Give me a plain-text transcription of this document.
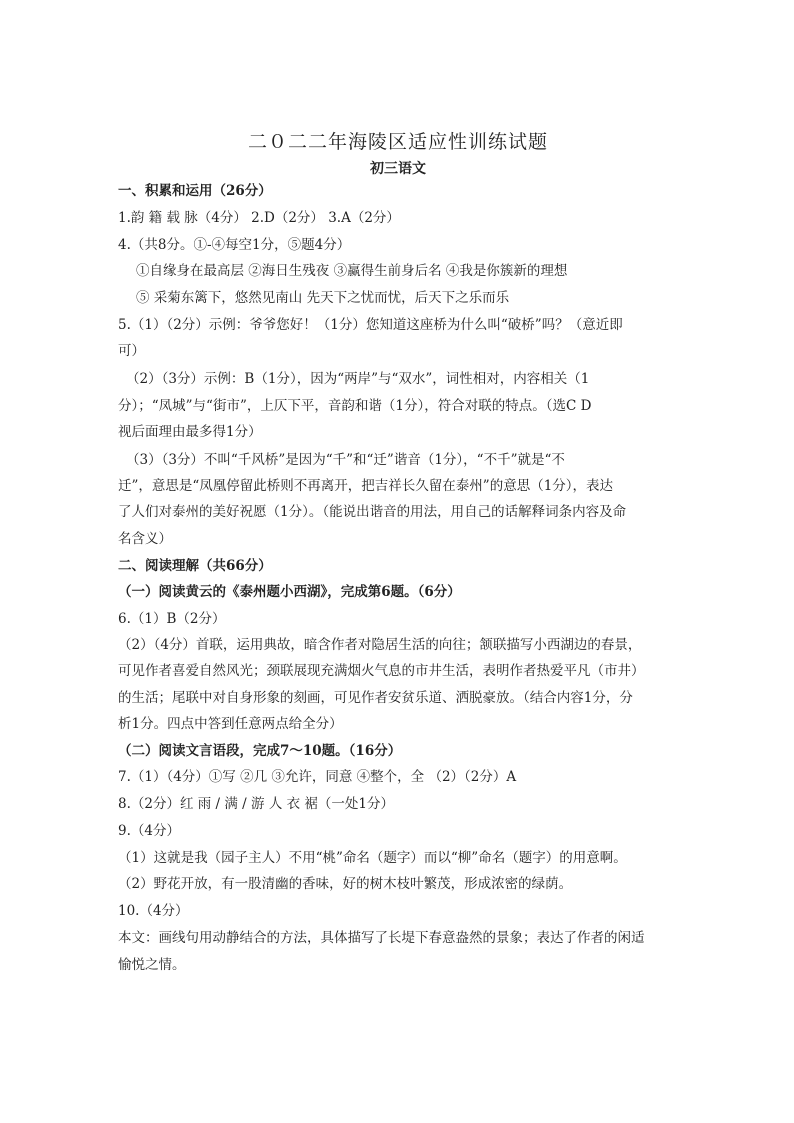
二０二二年海陵区适应性训练试题
初三语文
一、积累和运用（26分）
1.韵 籍 载 脉（4分） 2.D（2分） 3.A（2分）
4.（共8分。①-④每空1分，⑤题4分）
①自缘身在最高层 ②海日生残夜 ③赢得生前身后名 ④我是你簇新的理想
⑤ 采菊东篱下，悠然见南山 先天下之忧而忧，后天下之乐而乐
5.（1）（2分）示例：爷爷您好！（1分）您知道这座桥为什么叫“破桥”吗？（意近即
可）
（2）（3分）示例：B（1分），因为“两岸”与“双水”，词性相对，内容相关（1
分）；“凤城”与“街市”，上仄下平，音韵和谐（1分），符合对联的特点。（选C D
视后面理由最多得1分）
（3）（3分）不叫“千风桥”是因为“千”和“迁”谐音（1分），“不千”就是“不
迁”，意思是“凤凰停留此桥则不再离开，把吉祥长久留在泰州”的意思（1分），表达
了人们对泰州的美好祝愿（1分）。（能说出谐音的用法，用自己的话解释词条内容及命
名含义）
二、阅读理解（共66分）
（一）阅读黄云的《泰州题小西湖》，完成第6题。（6分）
6.（1）B（2分）
（2）（4分）首联，运用典故，暗含作者对隐居生活的向往；颔联描写小西湖边的春景，
可见作者喜爱自然风光；颈联展现充满烟火气息的市井生活，表明作者热爱平凡（市井）
的生活；尾联中对自身形象的刻画，可见作者安贫乐道、洒脱豪放。（结合内容1分，分
析1分。四点中答到任意两点给全分）
（二）阅读文言语段，完成7～10题。（16分）
7.（1）（4分）①写 ②几 ③允许，同意 ④整个，全 （2）（2分）A
8.（2分）红 雨 / 满 / 游 人 衣 裾（一处1分）
9.（4分）
（1）这就是我（园子主人）不用“桃”命名（题字）而以“柳”命名（题字）的用意啊。
（2）野花开放，有一股清幽的香味，好的树木枝叶繁茂，形成浓密的绿荫。
10.（4分）
本文：画线句用动静结合的方法，具体描写了长堤下春意盎然的景象；表达了作者的闲适
愉悦之情。
